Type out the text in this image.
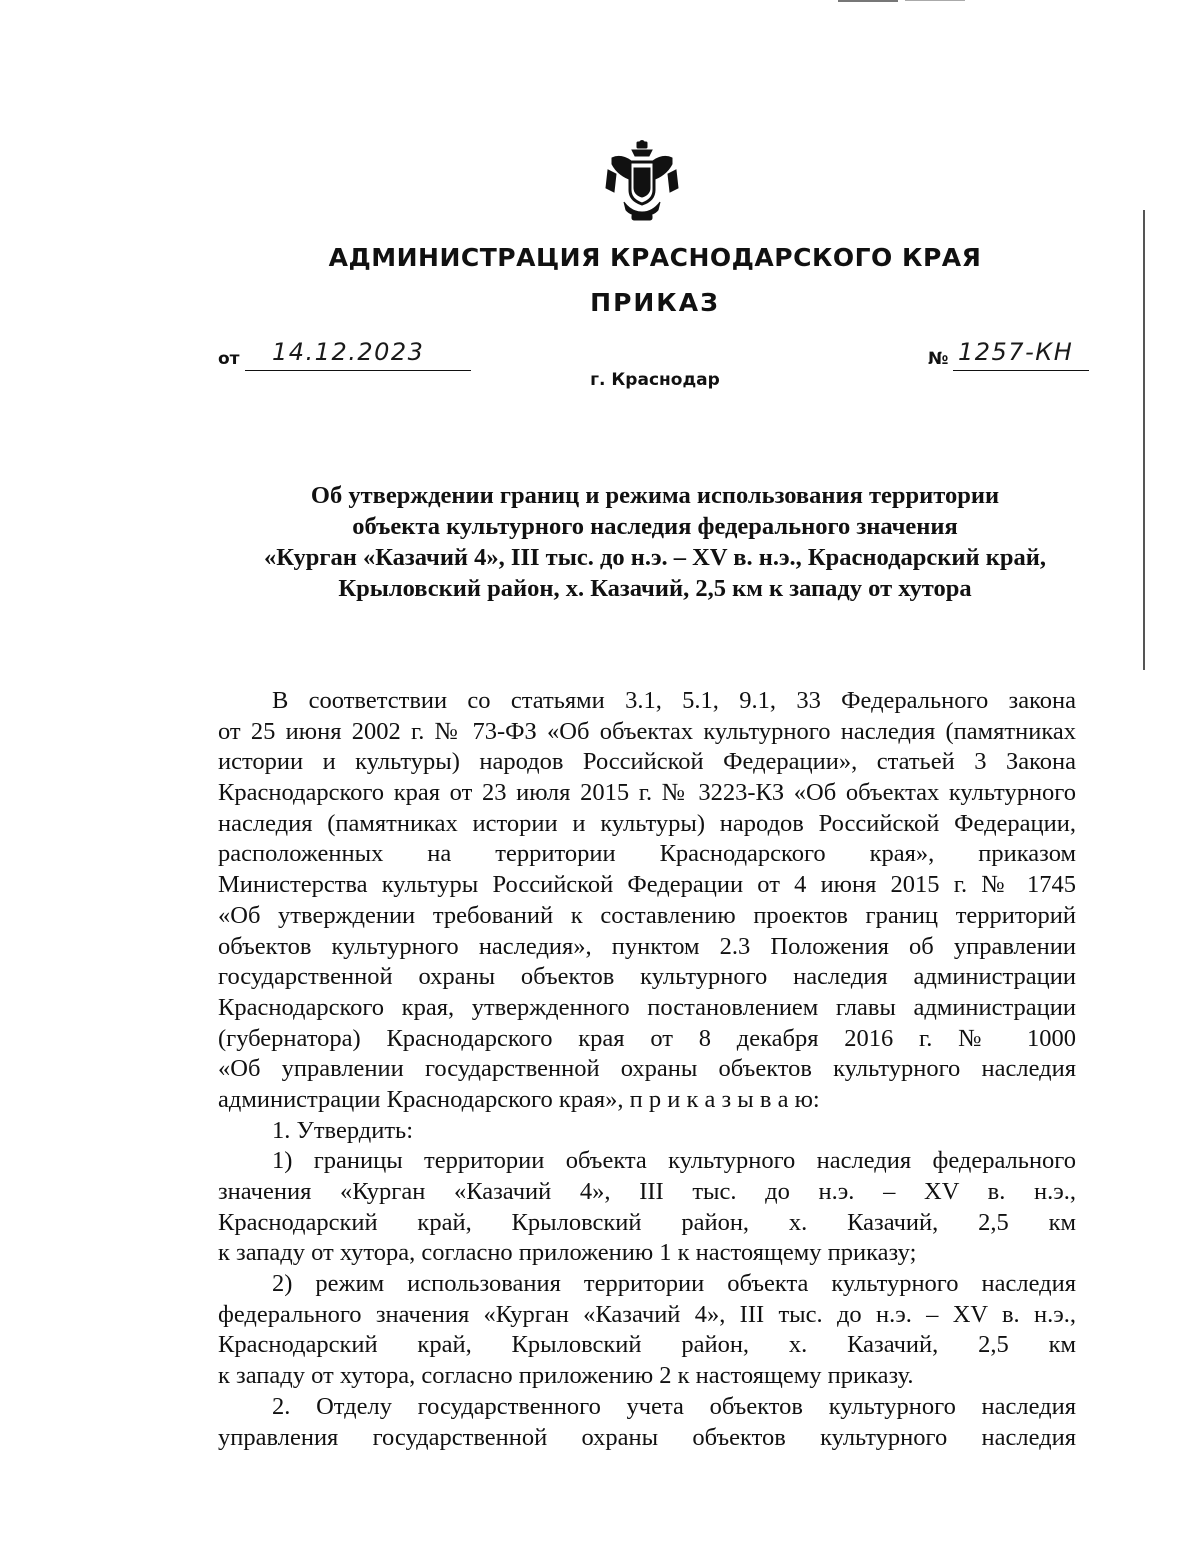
АДМИНИСТРАЦИЯ КРАСНОДАРСКОГО КРАЯ
ПРИКАЗ
от 14.12.2023
г. Краснодар
№ 1257-КН
Об утверждении границ и режима использования территории
объекта культурного наследия федерального значения
«Курган «Казачий 4», III тыс. до н.э. – XV в. н.э., Краснодарский край,
Крыловский район, х. Казачий, 2,5 км к западу от хутора
В соответствии со статьями 3.1, 5.1, 9.1, 33 Федерального закона
от 25 июня 2002 г. № 73-ФЗ «Об объектах культурного наследия (памятниках
истории и культуры) народов Российской Федерации», статьей 3 Закона
Краснодарского края от 23 июля 2015 г. № 3223-КЗ «Об объектах культурного
наследия (памятниках истории и культуры) народов Российской Федерации,
расположенных на территории Краснодарского края», приказом
Министерства культуры Российской Федерации от 4 июня 2015 г. № 1745
«Об утверждении требований к составлению проектов границ территорий
объектов культурного наследия», пунктом 2.3 Положения об управлении
государственной охраны объектов культурного наследия администрации
Краснодарского края, утвержденного постановлением главы администрации
(губернатора) Краснодарского края от 8 декабря 2016 г. № 1000
«Об управлении государственной охраны объектов культурного наследия
администрации Краснодарского края», п р и к а з ы в а ю:
1. Утвердить:
1) границы территории объекта культурного наследия федерального
значения «Курган «Казачий 4», III тыс. до н.э. – XV в. н.э.,
Краснодарский край, Крыловский район, х. Казачий, 2,5 км
к западу от хутора, согласно приложению 1 к настоящему приказу;
2) режим использования территории объекта культурного наследия
федерального значения «Курган «Казачий 4», III тыс. до н.э. – XV в. н.э.,
Краснодарский край, Крыловский район, х. Казачий, 2,5 км
к западу от хутора, согласно приложению 2 к настоящему приказу.
2. Отделу государственного учета объектов культурного наследия
управления государственной охраны объектов культурного наследия
